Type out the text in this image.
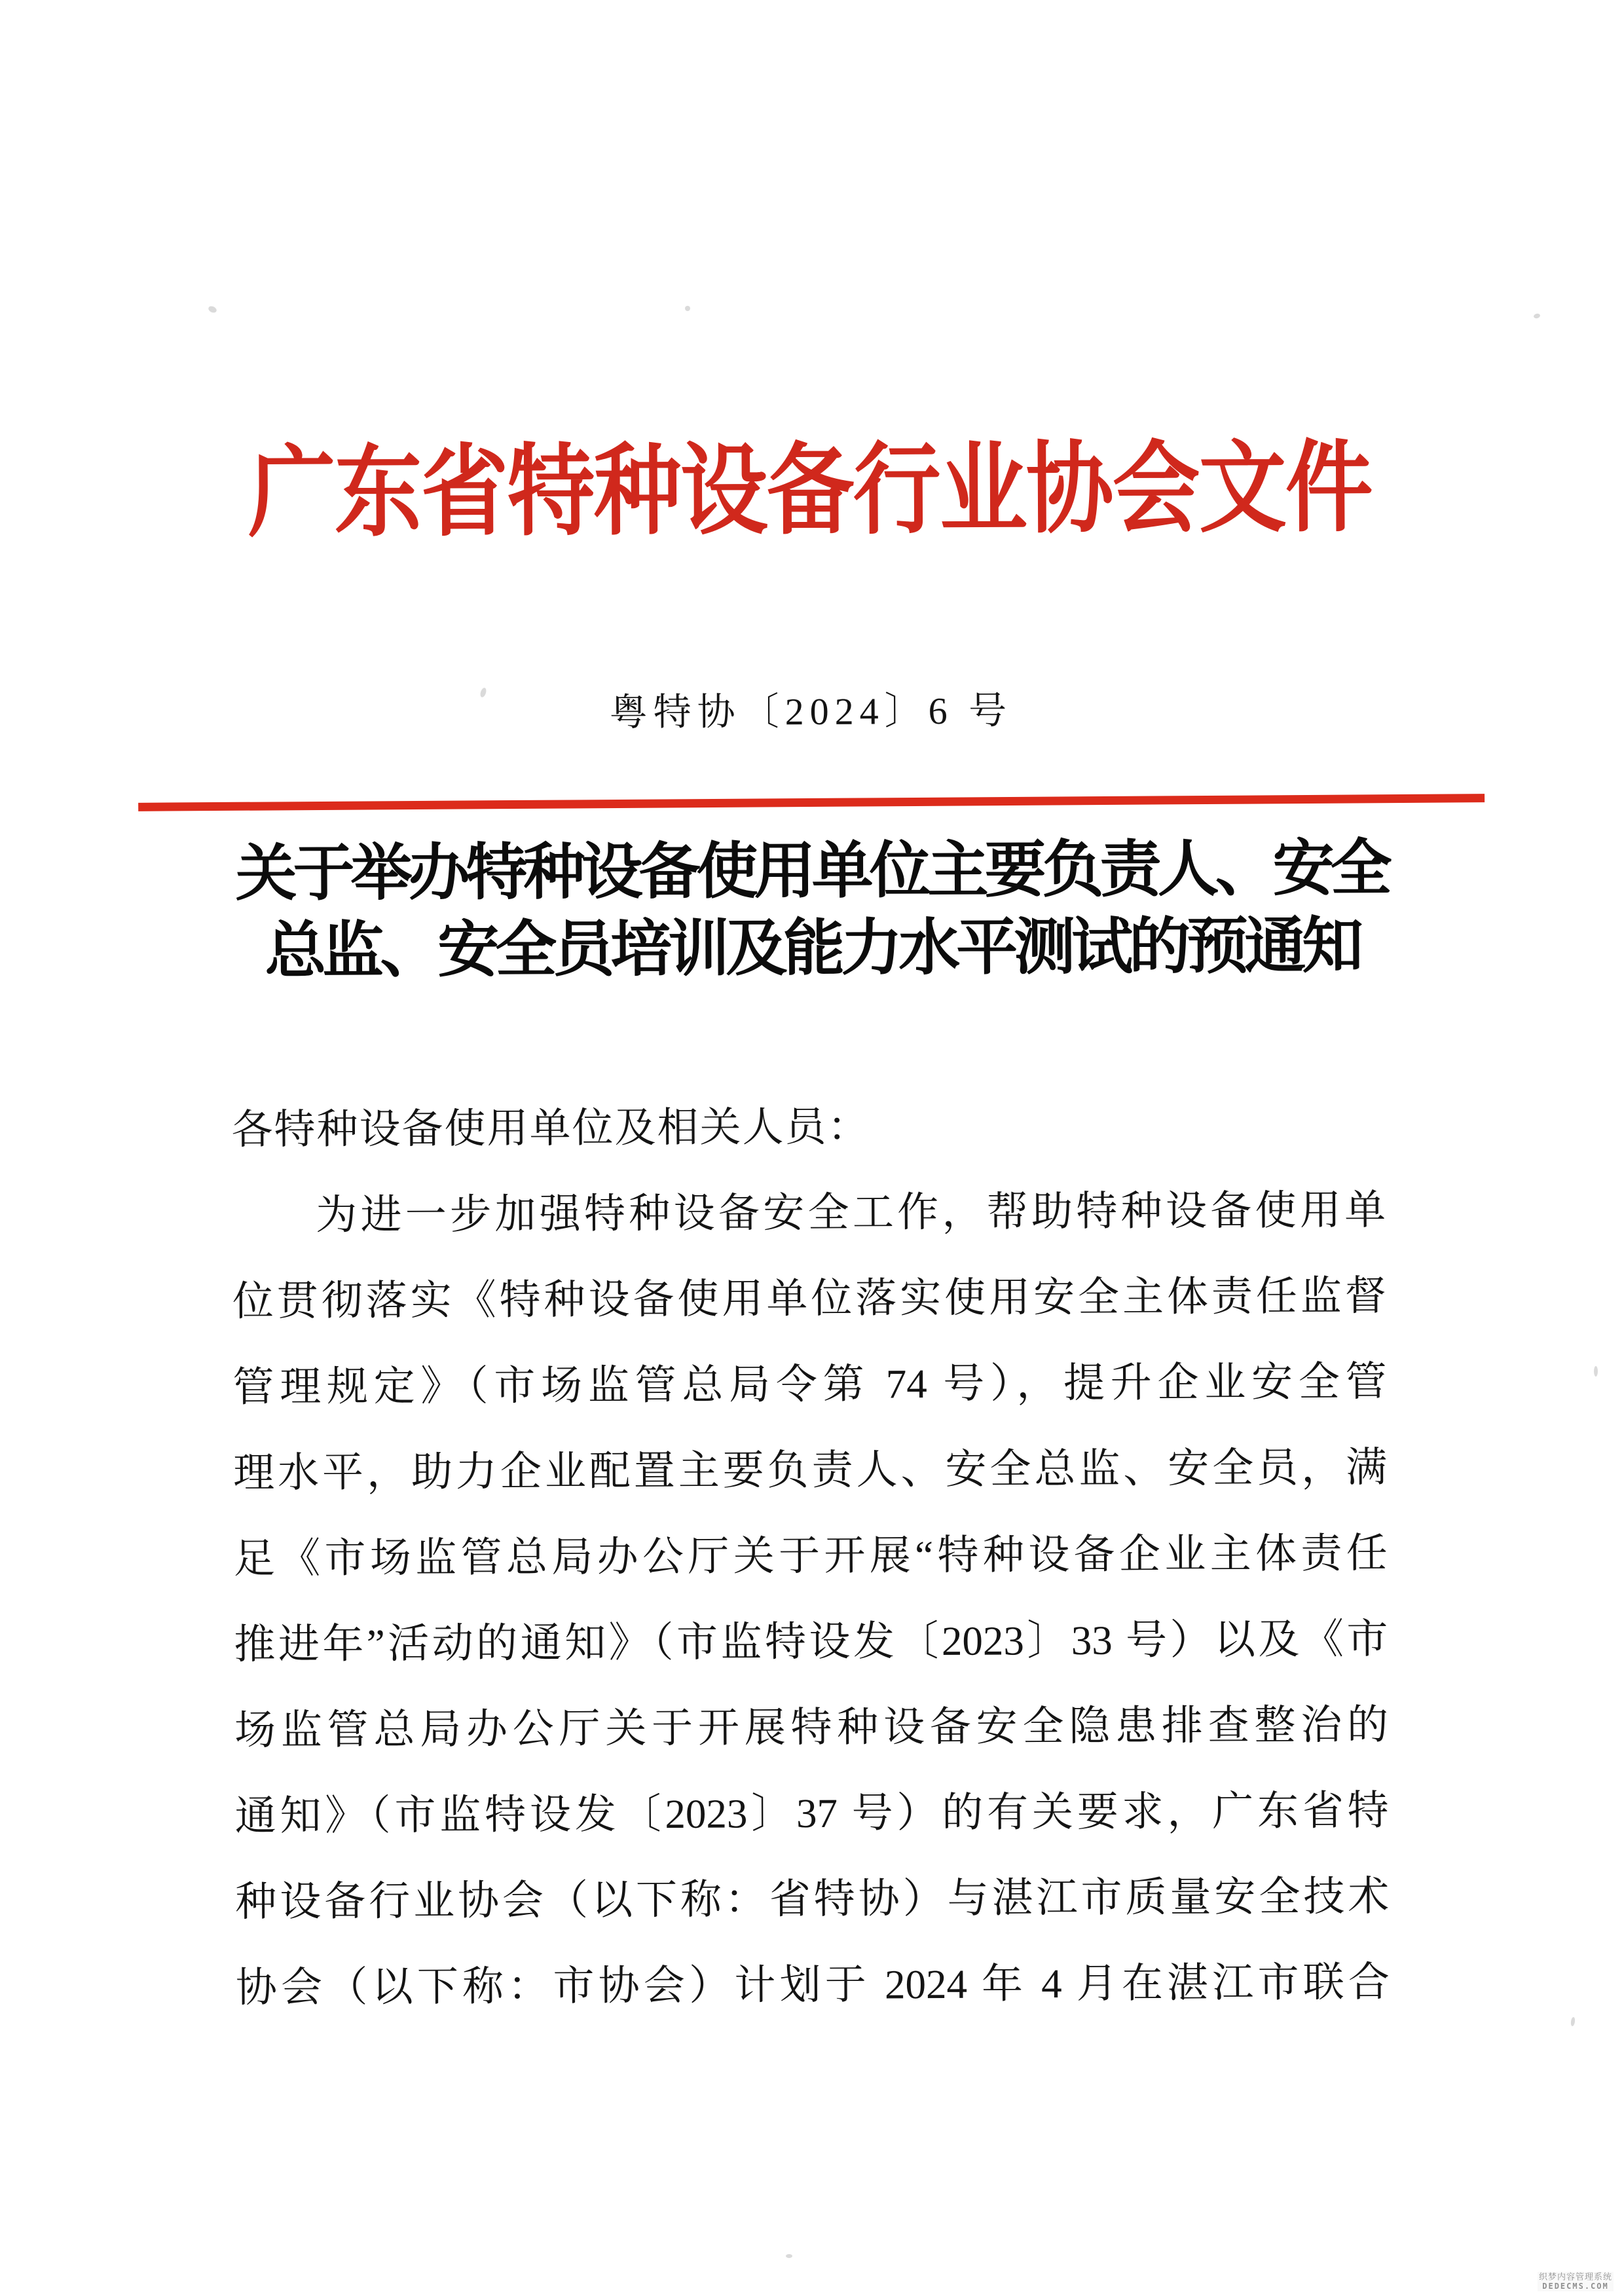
广东省特种设备行业协会文件
粤特协〔2024〕6 号
关于举办特种设备使用单位主要负责人、安全
总监、安全员培训及能力水平测试的预通知
各特种设备使用单位及相关人员：
为进一步加强特种设备安全工作，帮助特种设备使用单
位贯彻落实《特种设备使用单位落实使用安全主体责任监督
管理规定》（市场监管总局令第 74 号），提升企业安全管
理水平，助力企业配置主要负责人、安全总监、安全员，满
足《市场监管总局办公厅关于开展“特种设备企业主体责任
推进年”活动的通知》（市监特设发〔2023〕33 号）以及《市
场监管总局办公厅关于开展特种设备安全隐患排查整治的
通知》（市监特设发〔2023〕37 号）的有关要求，广东省特
种设备行业协会（以下称：省特协）与湛江市质量安全技术
协会（以下称：市协会）计划于 2024 年 4 月在湛江市联合
织梦内容管理系统
DEDECMS.COM
